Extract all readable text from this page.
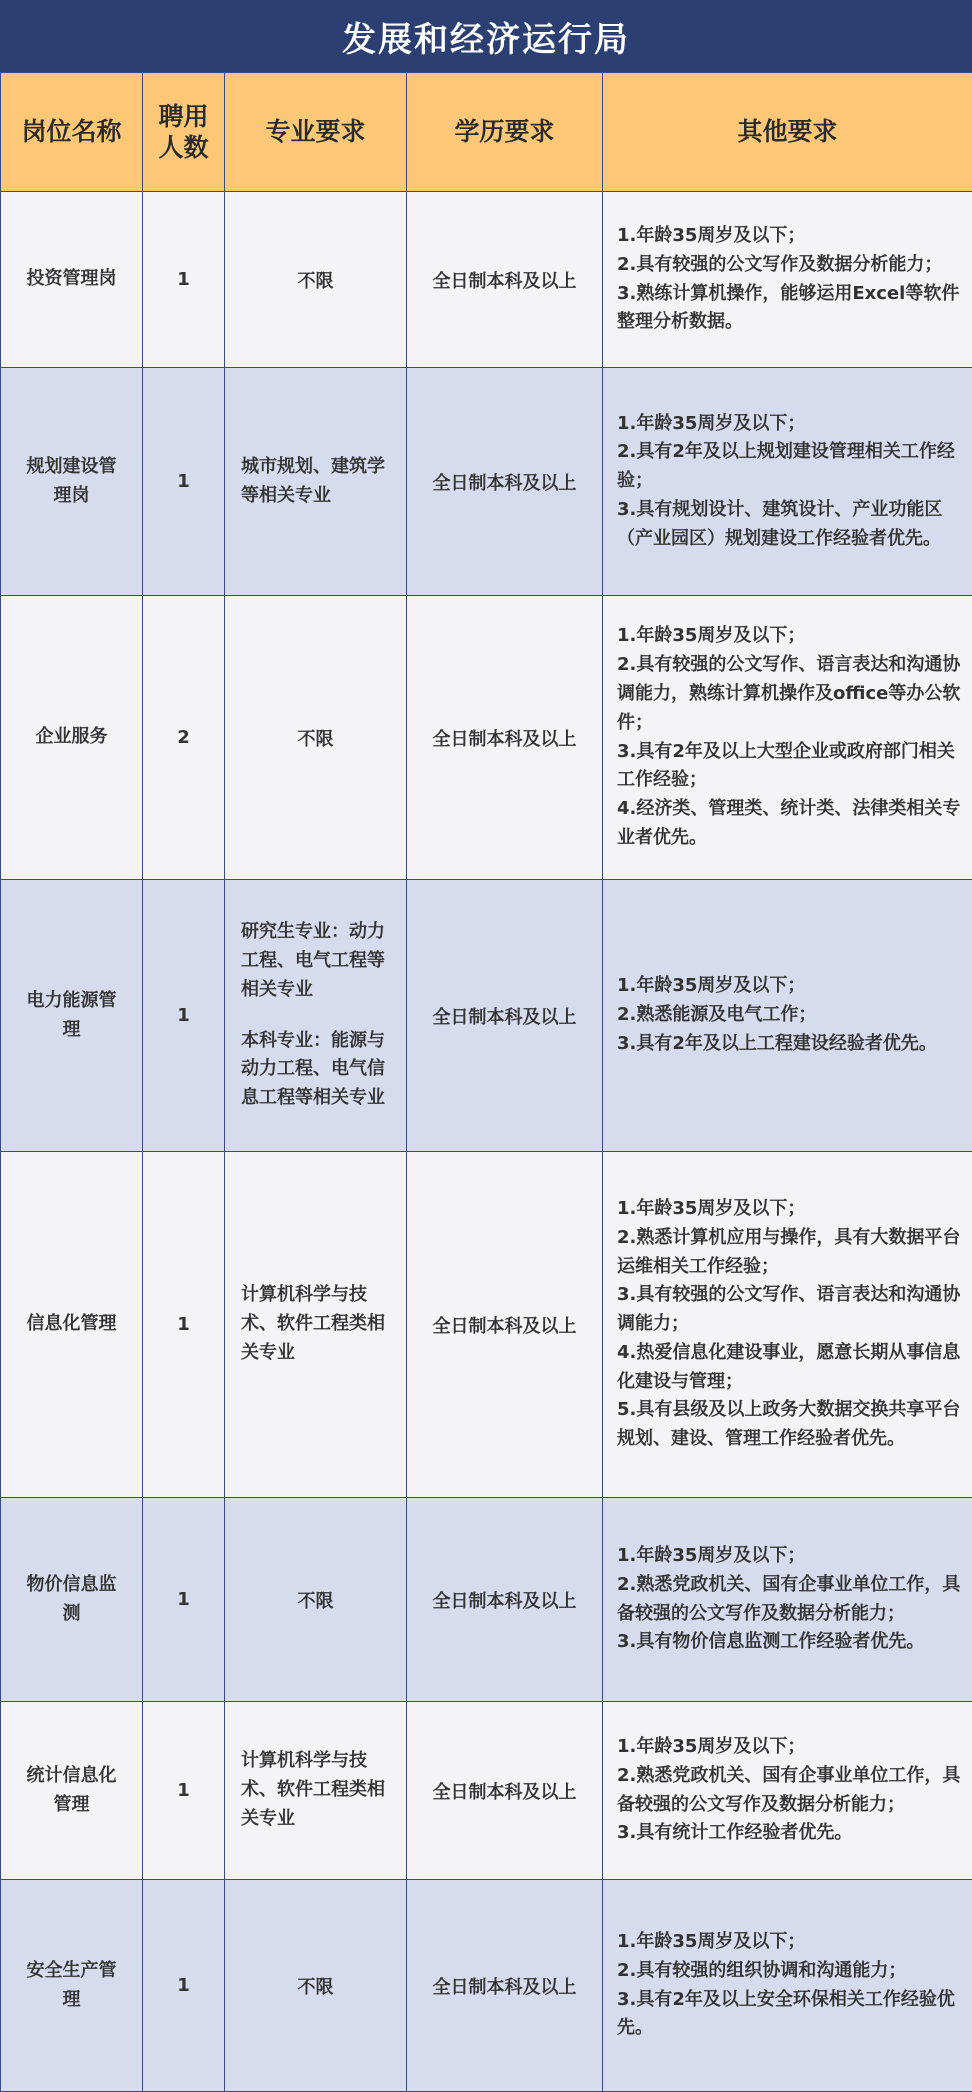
发展和经济运行局
岗位名称	聘用人数	专业要求	学历要求	其他要求
投资管理岗	1	不限	全日制本科及以上	1.年龄35周岁及以下；
2.具有较强的公文写作及数据分析能力；
3.熟练计算机操作，能够运用Excel等软件整理分析数据。

规划建设管理岗	1	城市规划、建筑学等相关专业	全日制本科及以上	1.年龄35周岁及以下；
2.具有2年及以上规划建设管理相关工作经验；
3.具有规划设计、建筑设计、产业功能区（产业园区）规划建设工作经验者优先。

企业服务	2	不限	全日制本科及以上	1.年龄35周岁及以下；
2.具有较强的公文写作、语言表达和沟通协调能力，熟练计算机操作及office等办公软件；
3.具有2年及以上大型企业或政府部门相关工作经验；
4.经济类、管理类、统计类、法律类相关专业者优先。

电力能源管理	1	研究生专业：动力工程、电气工程等相关专业
本科专业：能源与动力工程、电气信息工程等相关专业	全日制本科及以上	1.年龄35周岁及以下；
2.熟悉能源及电气工作；
3.具有2年及以上工程建设经验者优先。

信息化管理	1	计算机科学与技术、软件工程类相关专业	全日制本科及以上	1.年龄35周岁及以下；
2.熟悉计算机应用与操作，具有大数据平台运维相关工作经验；
3.具有较强的公文写作、语言表达和沟通协调能力；
4.热爱信息化建设事业，愿意长期从事信息化建设与管理；
5.具有县级及以上政务大数据交换共享平台规划、建设、管理工作经验者优先。

物价信息监测	1	不限	全日制本科及以上	1.年龄35周岁及以下；
2.熟悉党政机关、国有企事业单位工作，具备较强的公文写作及数据分析能力；
3.具有物价信息监测工作经验者优先。

统计信息化管理	1	计算机科学与技术、软件工程类相关专业	全日制本科及以上	1.年龄35周岁及以下；
2.熟悉党政机关、国有企事业单位工作，具备较强的公文写作及数据分析能力；
3.具有统计工作经验者优先。

安全生产管理	1	不限	全日制本科及以上	1.年龄35周岁及以下；
2.具有较强的组织协调和沟通能力；
3.具有2年及以上安全环保相关工作经验优先。
